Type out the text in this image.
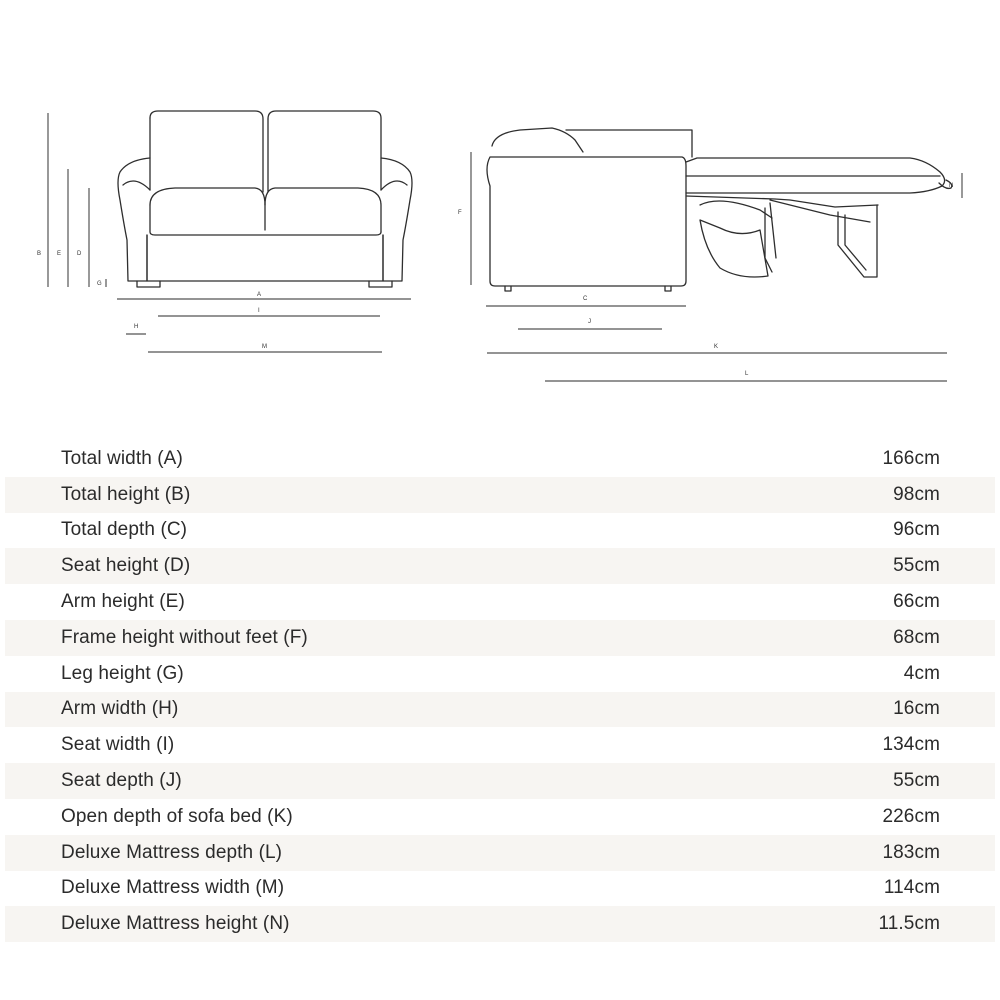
B	E	D
G
A
I
H
M
F
N
C
J
K
L
Total width (A)	166cm
Total height (B)	98cm
Total depth (C)	96cm
Seat height (D)	55cm
Arm height (E)	66cm
Frame height without feet (F)	68cm
Leg height (G)	4cm
Arm width (H)	16cm
Seat width (I)	134cm
Seat depth (J)	55cm
Open depth of sofa bed (K)	226cm
Deluxe Mattress depth (L)	183cm
Deluxe Mattress width (M)	114cm
Deluxe Mattress height (N)	11.5cm
